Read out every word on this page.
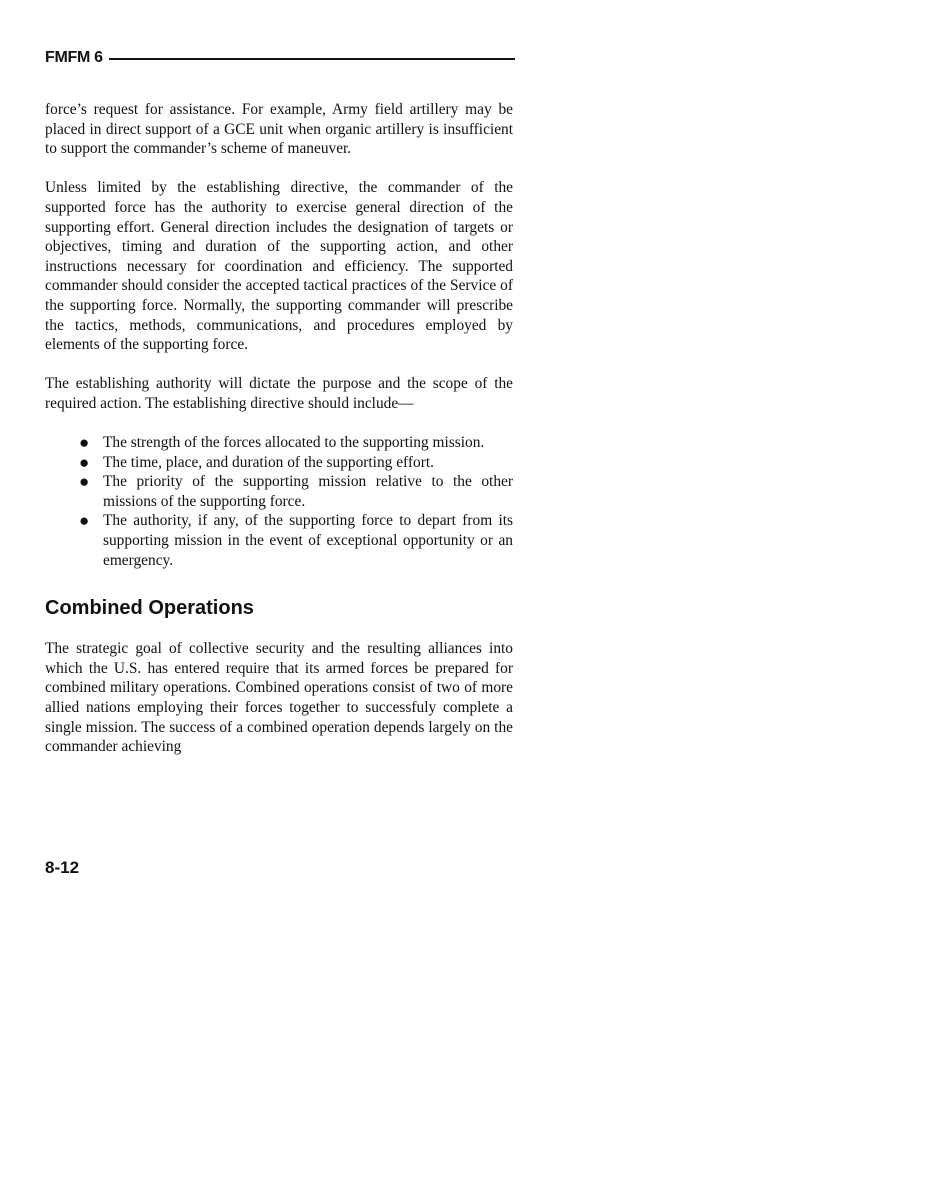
FMFM 6

force’s request for assistance. For example, Army field artillery may be placed in direct support of a GCE unit when organic artillery is insufficient to support the commander’s scheme of maneuver.

Unless limited by the establishing directive, the commander of the supported force has the authority to exercise general direction of the supporting effort. General direction includes the designation of targets or objectives, timing and duration of the supporting action, and other instructions necessary for coordination and efficiency. The supported commander should consider the accepted tactical practices of the Service of the supporting force. Normally, the supporting commander will prescribe the tactics, methods, communications, and procedures employed by elements of the supporting force.

The establishing authority will dictate the purpose and the scope of the required action. The establishing directive should include—

● The strength of the forces allocated to the supporting mission.
● The time, place, and duration of the supporting effort.
● The priority of the supporting mission relative to the other missions of the supporting force.
● The authority, if any, of the supporting force to depart from its supporting mission in the event of exceptional opportunity or an emergency.
Combined Operations

The strategic goal of collective security and the resulting alliances into which the U.S. has entered require that its armed forces be prepared for combined military operations. Combined operations consist of two of more allied nations employing their forces together to successfuly complete a single mission. The success of a combined operation depends largely on the commander achieving

8-12
